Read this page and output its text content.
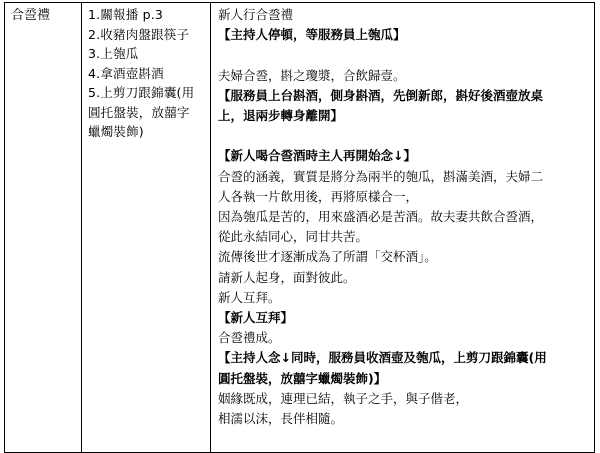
合巹禮	1.關報播 p.3
2.收豬肉盤跟筷子
3.上匏瓜
4.拿酒壺斟酒
5.上剪刀跟錦囊(用
圓托盤裝，放囍字
蠟燭裝飾)

新人行合巹禮
【主持人停頓，等服務員上匏瓜】
夫婦合巹，斟之瓊漿，合飲歸壹。
【服務員上台斟酒，側身斟酒，先倒新郎，斟好後酒壺放桌
上，退兩步轉身離開】
【新人喝合巹酒時主人再開始念↓】
合巹的涵義，實質是將分為兩半的匏瓜，斟滿美酒，夫婦二
人各執一片飲用後，再將原樣合一，
因為匏瓜是苦的，用來盛酒必是苦酒。故夫妻共飲合巹酒，
從此永結同心，同甘共苦。
流傳後世才逐漸成為了所謂「交杯酒」。
請新人起身，面對彼此。
新人互拜。
【新人互拜】
合巹禮成。
【主持人念↓同時，服務員收酒壺及匏瓜，上剪刀跟錦囊(用
圓托盤裝，放囍字蠟燭裝飾)】
姻緣既成，連理已結，執子之手，與子偕老，
相濡以沫，長伴相隨。
